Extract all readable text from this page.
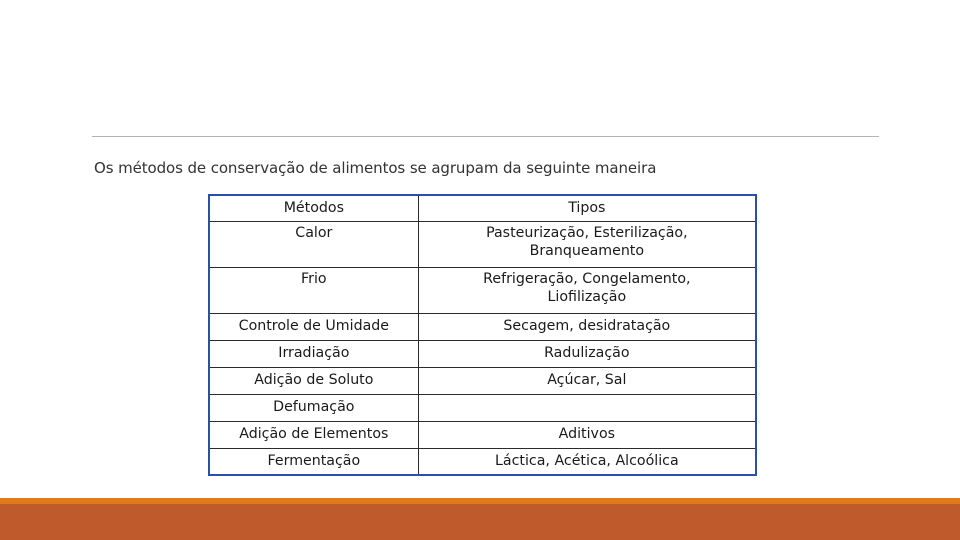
Os métodos de conservação de alimentos se agrupam da seguinte maneira
Métodos	Tipos
Calor	Pasteurização, Esterilização,
Branqueamento
Frio	Refrigeração, Congelamento,
Liofilização
Controle de Umidade	Secagem, desidratação
Irradiação	Radulização
Adição de Soluto	Açúcar, Sal
Defumação	
Adição de Elementos	Aditivos
Fermentação	Láctica, Acética, Alcoólica
